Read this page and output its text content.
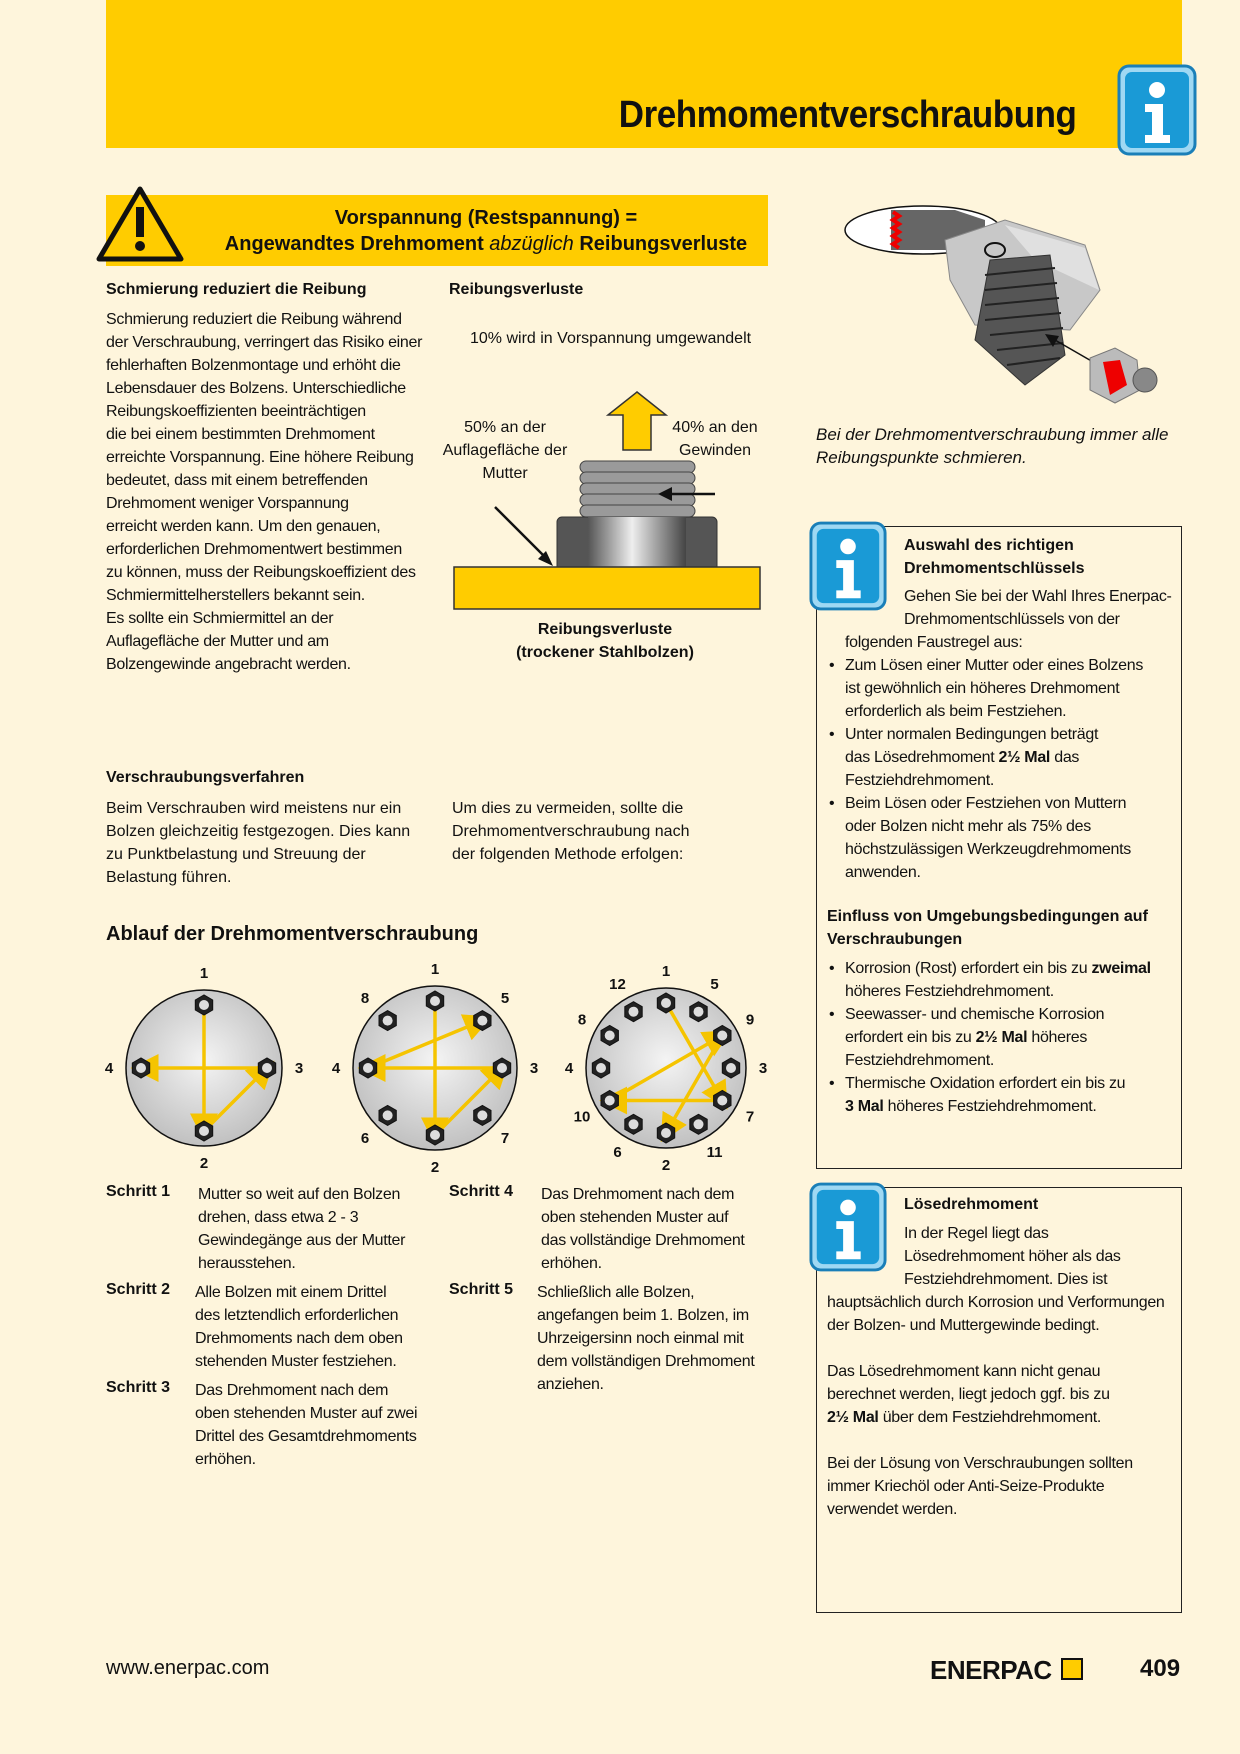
Drehmomentverschraubung
Vorspannung (Restspannung) =
Angewandtes Drehmoment abzüglich Reibungsverluste
Schmierung reduziert die Reibung
Schmierung reduziert die Reibung während
der Verschraubung, verringert das Risiko einer
fehlerhaften Bolzenmontage und erhöht die
Lebensdauer des Bolzens. Unterschiedliche
Reibungskoeffizienten beeinträchtigen
die bei einem bestimmten Drehmoment
erreichte Vorspannung. Eine höhere Reibung
bedeutet, dass mit einem betreffenden
Drehmoment weniger Vorspannung
erreicht werden kann. Um den genauen,
erforderlichen Drehmomentwert bestimmen
zu können, muss der Reibungskoeffizient des
Schmiermittelherstellers bekannt sein.
Es sollte ein Schmiermittel an der
Auflagefläche der Mutter und am
Bolzengewinde angebracht werden.
Reibungsverluste
10% wird in Vorspannung umgewandelt
50% an der
Auflagefläche der
Mutter
40% an den
Gewinden
Reibungsverluste
(trockener Stahlbolzen)
Bei der Drehmomentverschraubung immer alle
Reibungspunkte schmieren.
Verschraubungsverfahren
Beim Verschrauben wird meistens nur ein
Bolzen gleichzeitig festgezogen. Dies kann
zu Punktbelastung und Streuung der
Belastung führen.
Um dies zu vermeiden, sollte die
Drehmomentverschraubung nach
der folgenden Methode erfolgen:
Ablauf der Drehmomentverschraubung
1
3
2
4
1
5
3
7
2
6
4
8
1
5
9
3
7
11
2
6
10
4
8
12
Schritt 1	Mutter so weit auf den Bolzen
drehen, dass etwa 2 - 3
Gewindegänge aus der Mutter
herausstehen.
Schritt 2	Alle Bolzen mit einem Drittel
des letztendlich erforderlichen
Drehmoments nach dem oben
stehenden Muster festziehen.
Schritt 3	Das Drehmoment nach dem
oben stehenden Muster auf zwei
Drittel des Gesamtdrehmoments
erhöhen.
Schritt 4	Das Drehmoment nach dem
oben stehenden Muster auf
das vollständige Drehmoment
erhöhen.
Schritt 5	Schließlich alle Bolzen,
angefangen beim 1. Bolzen, im
Uhrzeigersinn noch einmal mit
dem vollständigen Drehmoment
anziehen.
Auswahl des richtigen
Drehmomentschlüssels
Gehen Sie bei der Wahl Ihres Enerpac-
Drehmomentschlüssels von der
folgenden Faustregel aus:
• Zum Lösen einer Mutter oder eines Bolzens
ist gewöhnlich ein höheres Drehmoment
erforderlich als beim Festziehen.
• Unter normalen Bedingungen beträgt
das Lösedrehmoment 2½ Mal das
Festziehdrehmoment.
• Beim Lösen oder Festziehen von Muttern
oder Bolzen nicht mehr als 75% des
höchstzulässigen Werkzeugdrehmoments
anwenden.
Einfluss von Umgebungsbedingungen auf
Verschraubungen
• Korrosion (Rost) erfordert ein bis zu zweimal
höheres Festziehdrehmoment.
• Seewasser- und chemische Korrosion
erfordert ein bis zu 2½ Mal höheres
Festziehdrehmoment.
• Thermische Oxidation erfordert ein bis zu
3 Mal höheres Festziehdrehmoment.
Lösedrehmoment
In der Regel liegt das
Lösedrehmoment höher als das
Festziehdrehmoment. Dies ist
hauptsächlich durch Korrosion und Verformungen
der Bolzen- und Muttergewinde bedingt.
Das Lösedrehmoment kann nicht genau
berechnet werden, liegt jedoch ggf. bis zu
2½ Mal über dem Festziehdrehmoment.
Bei der Lösung von Verschraubungen sollten
immer Kriechöl oder Anti-Seize-Produkte
verwendet werden.
www.enerpac.com	ENERPAC	409
